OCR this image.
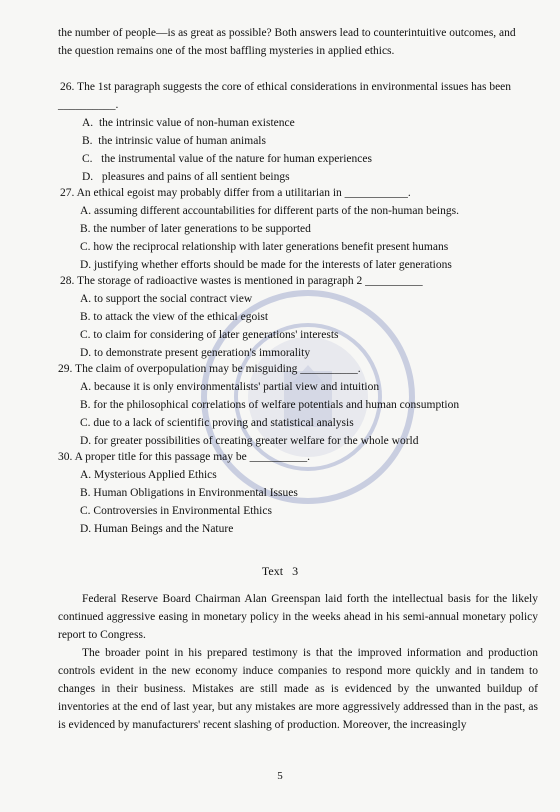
the number of people—is as great as possible? Both answers lead to counterintuitive outcomes, and
the question remains one of the most baffling mysteries in applied ethics.
26. The 1st paragraph suggests the core of ethical considerations in environmental issues has been
__________.
A. the intrinsic value of non-human existence
B. the intrinsic value of human animals
C. the instrumental value of the nature for human experiences
D. pleasures and pains of all sentient beings
27. An ethical egoist may probably differ from a utilitarian in ___________.
A. assuming different accountabilities for different parts of the non-human beings.
B. the number of later generations to be supported
C. how the reciprocal relationship with later generations benefit present humans
D. justifying whether efforts should be made for the interests of later generations
28. The storage of radioactive wastes is mentioned in paragraph 2 __________
A. to support the social contract view
B. to attack the view of the ethical egoist
C. to claim for considering of later generations' interests
D. to demonstrate present generation's immorality
29. The claim of overpopulation may be misguiding __________.
A. because it is only environmentalists' partial view and intuition
B. for the philosophical correlations of welfare potentials and human consumption
C. due to a lack of scientific proving and statistical analysis
D. for greater possibilities of creating greater welfare for the whole world
30. A proper title for this passage may be __________.
A. Mysterious Applied Ethics
B. Human Obligations in Environmental Issues
C. Controversies in Environmental Ethics
D. Human Beings and the Nature
Text   3
Federal Reserve Board Chairman Alan Greenspan laid forth the intellectual basis for the likely continued aggressive easing in monetary policy in the weeks ahead in his semi-annual monetary policy report to Congress.
The broader point in his prepared testimony is that the improved information and production controls evident in the new economy induce companies to respond more quickly and in tandem to changes in their business. Mistakes are still made as is evidenced by the unwanted buildup of inventories at the end of last year, but any mistakes are more aggressively addressed than in the past, as is evidenced by manufacturers' recent slashing of production. Moreover, the increasingly
5
